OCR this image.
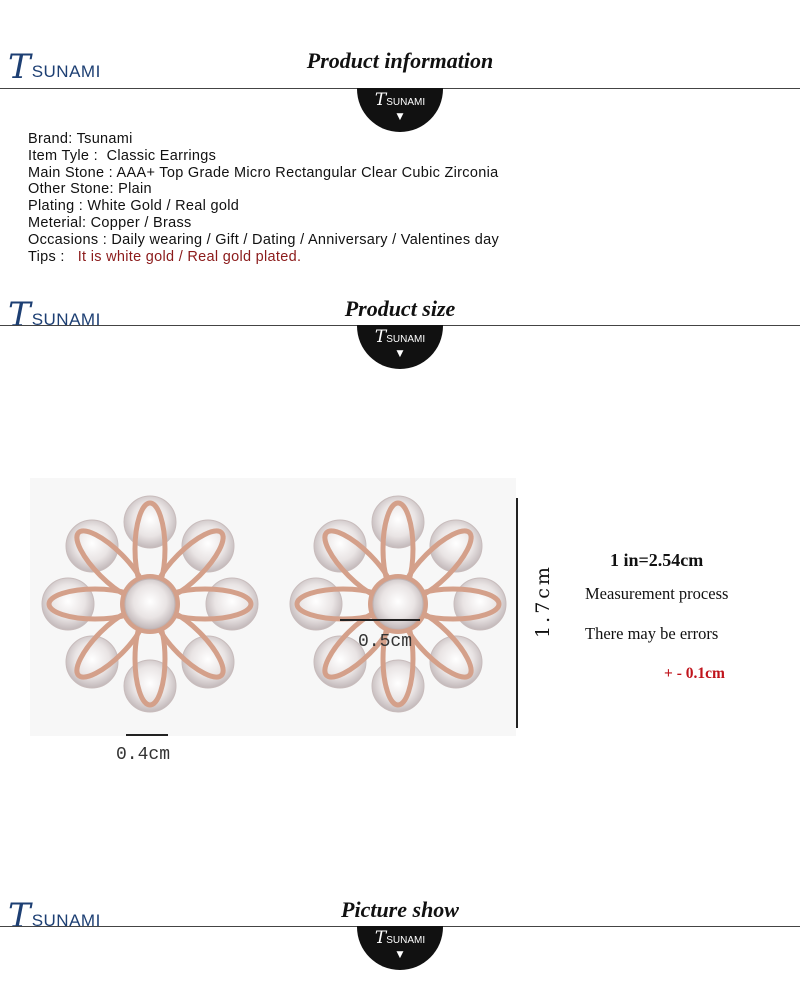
T SUNAMI	Product information
TSUNAMI
▼
Brand: Tsunami
Item Tyle :  Classic Earrings
Main Stone : AAA+ Top Grade Micro Rectangular Clear Cubic Zirconia
Other Stone: Plain
Plating : White Gold / Real gold
Meterial: Copper / Brass
Occasions : Daily wearing / Gift / Dating / Anniversary / Valentines day
Tips :   It is white gold / Real gold plated.
T SUNAMI	Product size
TSUNAMI
▼
1.7cm
0.5cm
0.4cm
1 in=2.54cm
Measurement process
There may be errors
+ - 0.1cm
T SUNAMI	Picture show
TSUNAMI
▼
